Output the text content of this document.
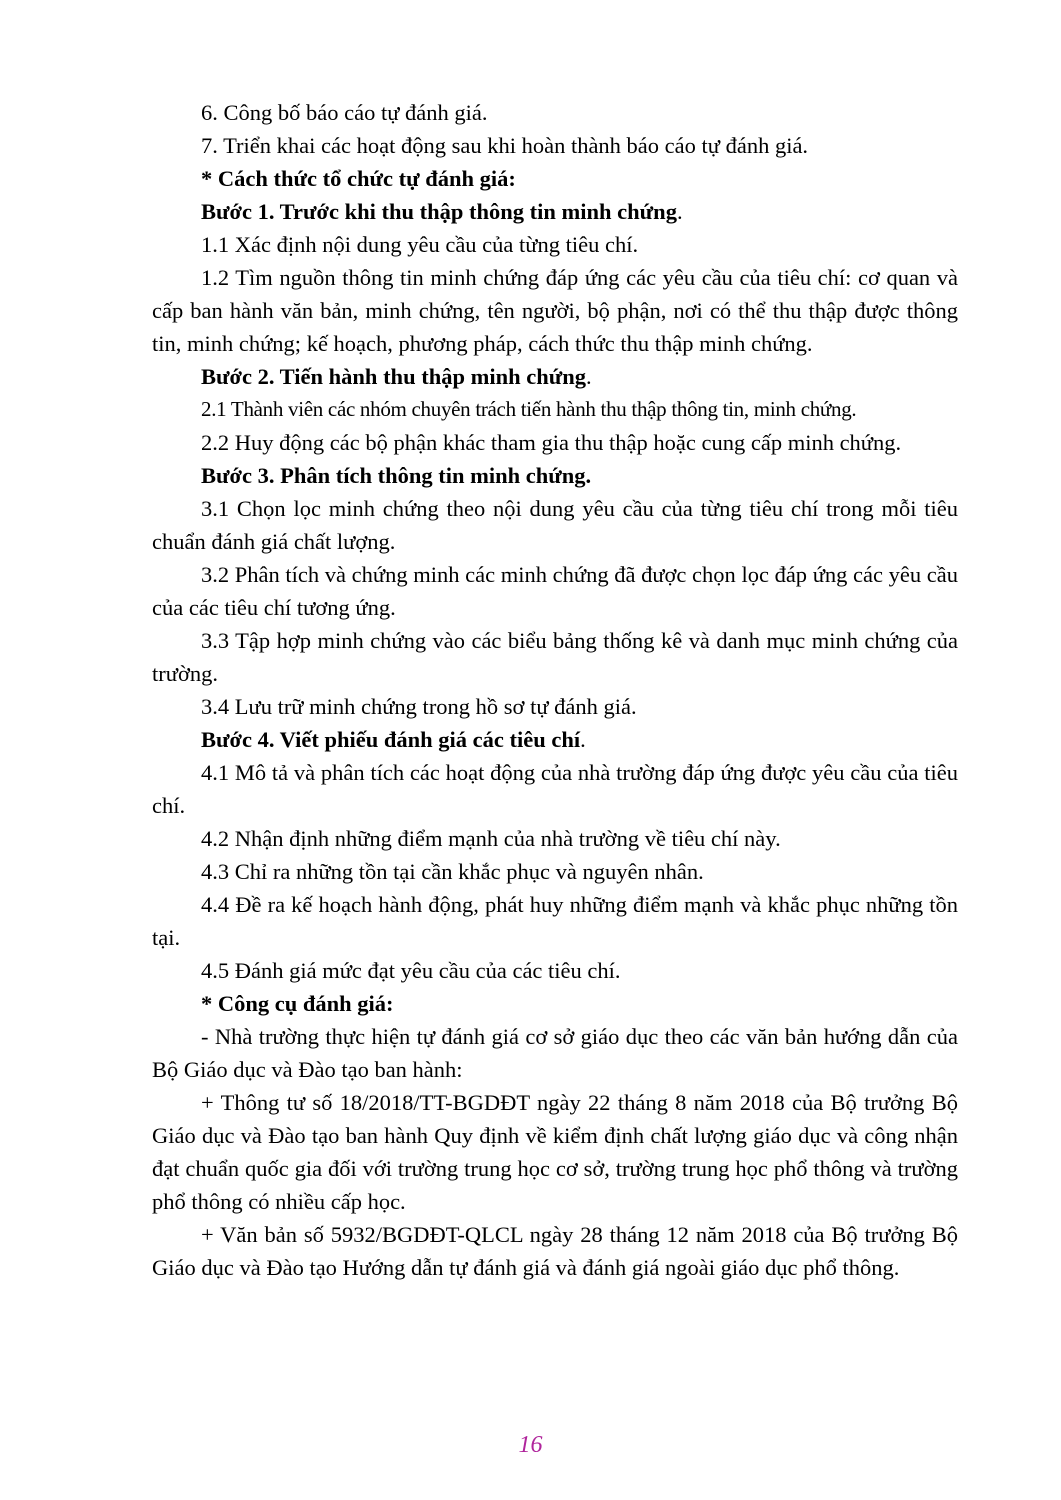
6. Công bố báo cáo tự đánh giá.

7. Triển khai các hoạt động sau khi hoàn thành báo cáo tự đánh giá.

* Cách thức tổ chức tự đánh giá:

Bước 1. Trước khi thu thập thông tin minh chứng.

1.1 Xác định nội dung yêu cầu của từng tiêu chí.

1.2 Tìm nguồn thông tin minh chứng đáp ứng các yêu cầu của tiêu chí: cơ quan và cấp ban hành văn bản, minh chứng, tên người, bộ phận, nơi có thể thu thập được thông tin, minh chứng; kế hoạch, phương pháp, cách thức thu thập minh chứng.

Bước 2. Tiến hành thu thập minh chứng.

2.1 Thành viên các nhóm chuyên trách tiến hành thu thập thông tin, minh chứng.

2.2 Huy động các bộ phận khác tham gia thu thập hoặc cung cấp minh chứng.

Bước 3. Phân tích thông tin minh chứng.

3.1 Chọn lọc minh chứng theo nội dung yêu cầu của từng tiêu chí trong mỗi tiêu chuẩn đánh giá chất lượng.

3.2 Phân tích và chứng minh các minh chứng đã được chọn lọc đáp ứng các yêu cầu của các tiêu chí tương ứng.

3.3 Tập hợp minh chứng vào các biểu bảng thống kê và danh mục minh chứng của trường.

3.4 Lưu trữ minh chứng trong hồ sơ tự đánh giá.

Bước 4. Viết phiếu đánh giá các tiêu chí.

4.1 Mô tả và phân tích các hoạt động của nhà trường đáp ứng được yêu cầu của tiêu chí.

4.2 Nhận định những điểm mạnh của nhà trường về tiêu chí này.

4.3 Chỉ ra những tồn tại cần khắc phục và nguyên nhân.

4.4 Đề ra kế hoạch hành động, phát huy những điểm mạnh và khắc phục những tồn tại.

4.5 Đánh giá mức đạt yêu cầu của các tiêu chí.

* Công cụ đánh giá:

- Nhà trường thực hiện tự đánh giá cơ sở giáo dục theo các văn bản hướng dẫn của Bộ Giáo dục và Đào tạo ban hành:

+ Thông tư số 18/2018/TT-BGDĐT ngày 22 tháng 8 năm 2018 của Bộ trưởng Bộ Giáo dục và Đào tạo ban hành Quy định về kiểm định chất lượng giáo dục và công nhận đạt chuẩn quốc gia đối với trường trung học cơ sở, trường trung học phổ thông và trường phổ thông có nhiều cấp học.

+ Văn bản số 5932/BGDĐT-QLCL ngày 28 tháng 12 năm 2018 của Bộ trưởng Bộ Giáo dục và Đào tạo Hướng dẫn tự đánh giá và đánh giá ngoài giáo dục phổ thông.

16
